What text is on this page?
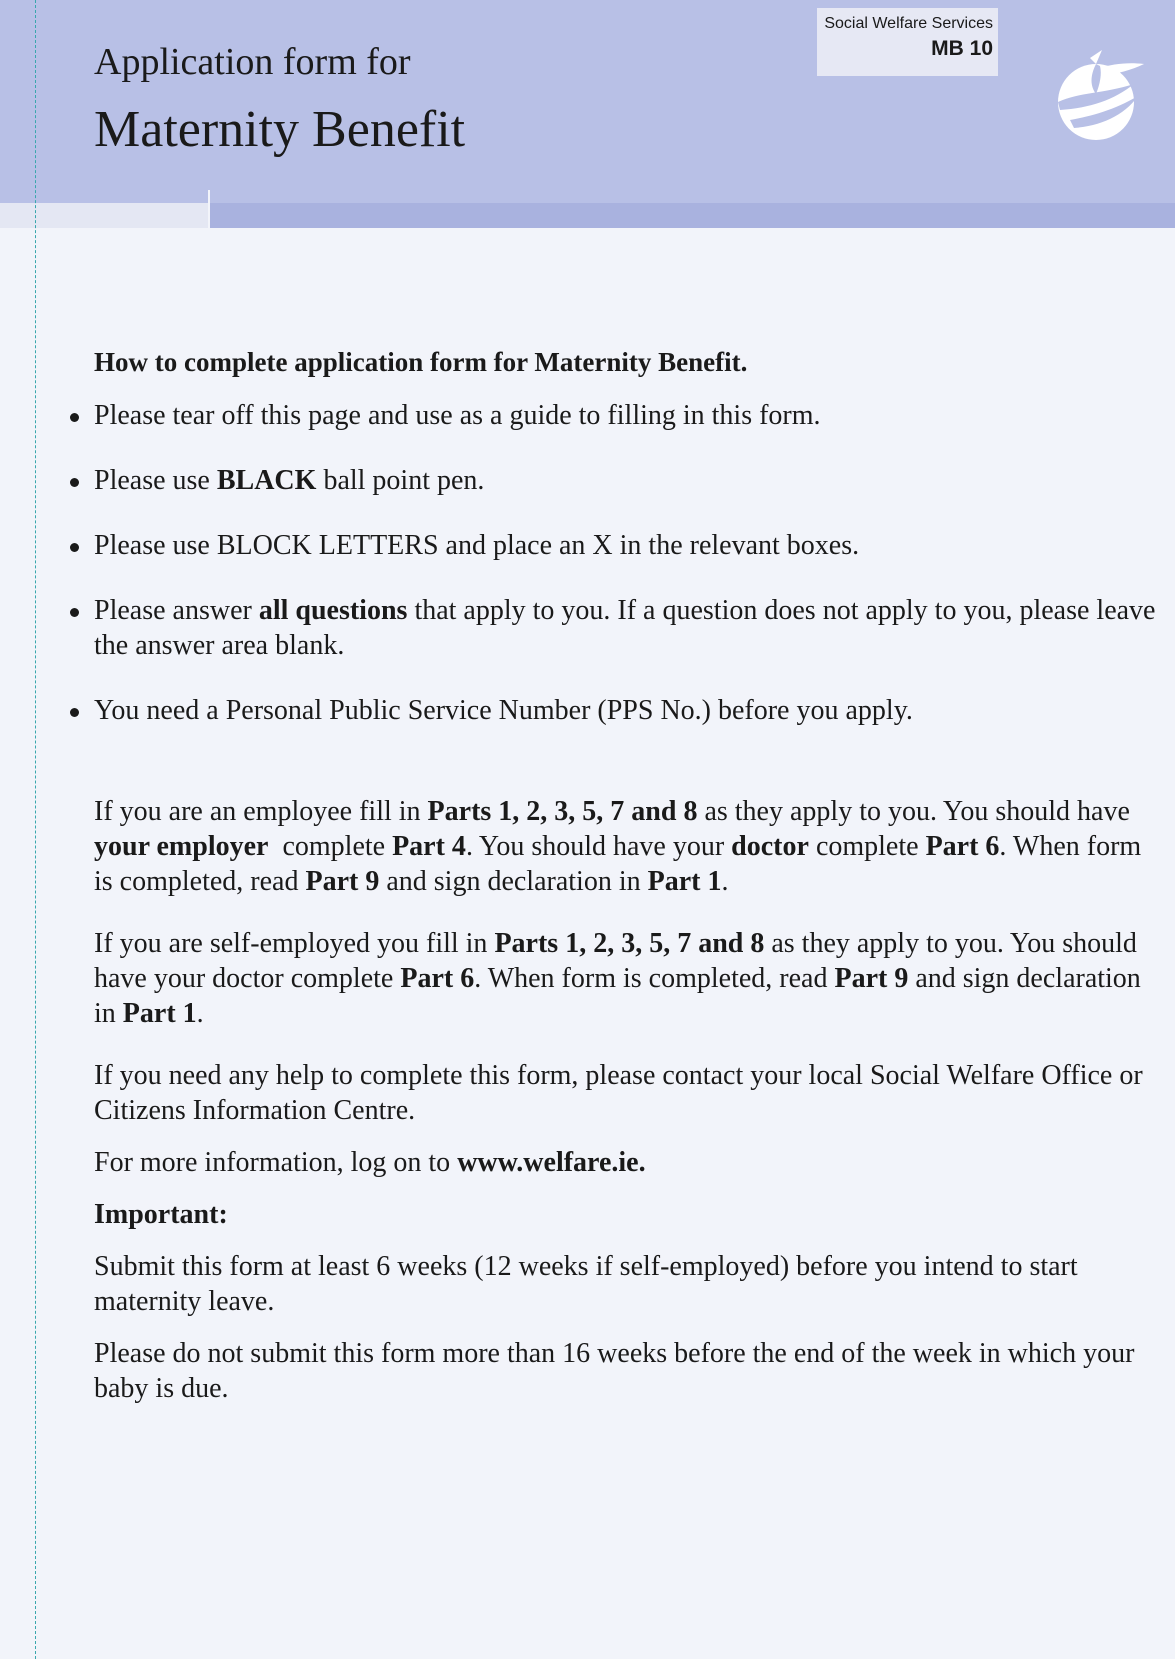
Application form for
Maternity Benefit
Social Welfare Services
MB 10
How to complete application form for Maternity Benefit.
Please tear off this page and use as a guide to filling in this form.
Please use BLACK ball point pen.
Please use BLOCK LETTERS and place an X in the relevant boxes.
Please answer all questions that apply to you. If a question does not apply to you, please leave the answer area blank.
You need a Personal Public Service Number (PPS No.) before you apply.

If you are an employee fill in Parts 1, 2, 3, 5, 7 and 8 as they apply to you. You should have your employer  complete Part 4. You should have your doctor complete Part 6. When form is completed, read Part 9 and sign declaration in Part 1.

If you are self-employed you fill in Parts 1, 2, 3, 5, 7 and 8 as they apply to you. You should have your doctor complete Part 6. When form is completed, read Part 9 and sign declaration in Part 1.

If you need any help to complete this form, please contact your local Social Welfare Office or Citizens Information Centre.

For more information, log on to www.welfare.ie.

Important:

Submit this form at least 6 weeks (12 weeks if self-employed) before you intend to start maternity leave.

Please do not submit this form more than 16 weeks before the end of the week in which your baby is due.
